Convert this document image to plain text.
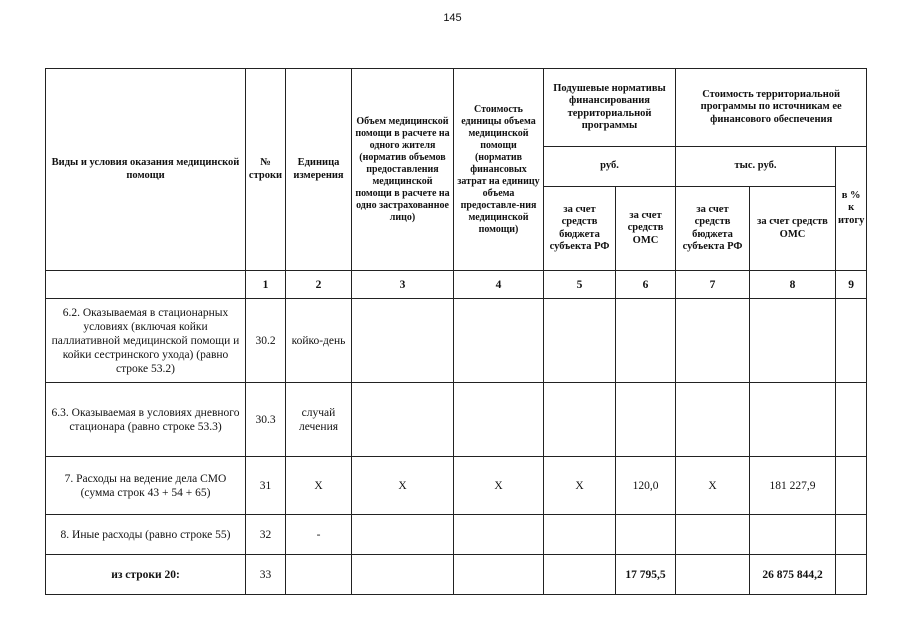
145
Виды и условия оказания медицинской помощи	№ строки	Единица измерения	Объем медицинской помощи в расчете на одного жителя (норматив объемов предоставления медицинской помощи в расчете на одно застрахованное лицо)	Стоимость единицы объема медицинской помощи (норматив финансовых затрат на единицу объема предоставле-ния медицинской помощи)	Подушевые нормативы финансирования территориальной программы		Стоимость территориальной программы по источникам ее финансового обеспечения		
					руб.		тыс. руб.		в % к итогу
					за счет средств бюджета субъекта РФ	за счет средств ОМС	за счет средств бюджета субъекта РФ	за счет средств ОМС	
	1	2	3	4	5	6	7	8	9
6.2. Оказываемая в стационарных условиях (включая койки паллиативной медицинской помощи и койки сестринского ухода) (равно строке 53.2)	30.2	койко-день							
6.3. Оказываемая в условиях дневного стационара (равно строке 53.3)	30.3	случай лечения							
7. Расходы на ведение дела СМО (сумма строк 43 + 54 + 65)	31	X	X	X	X	120,0	X	181 227,9	
8. Иные расходы (равно строке 55)	32	-							
из строки 20:	33					17 795,5		26 875 844,2	
